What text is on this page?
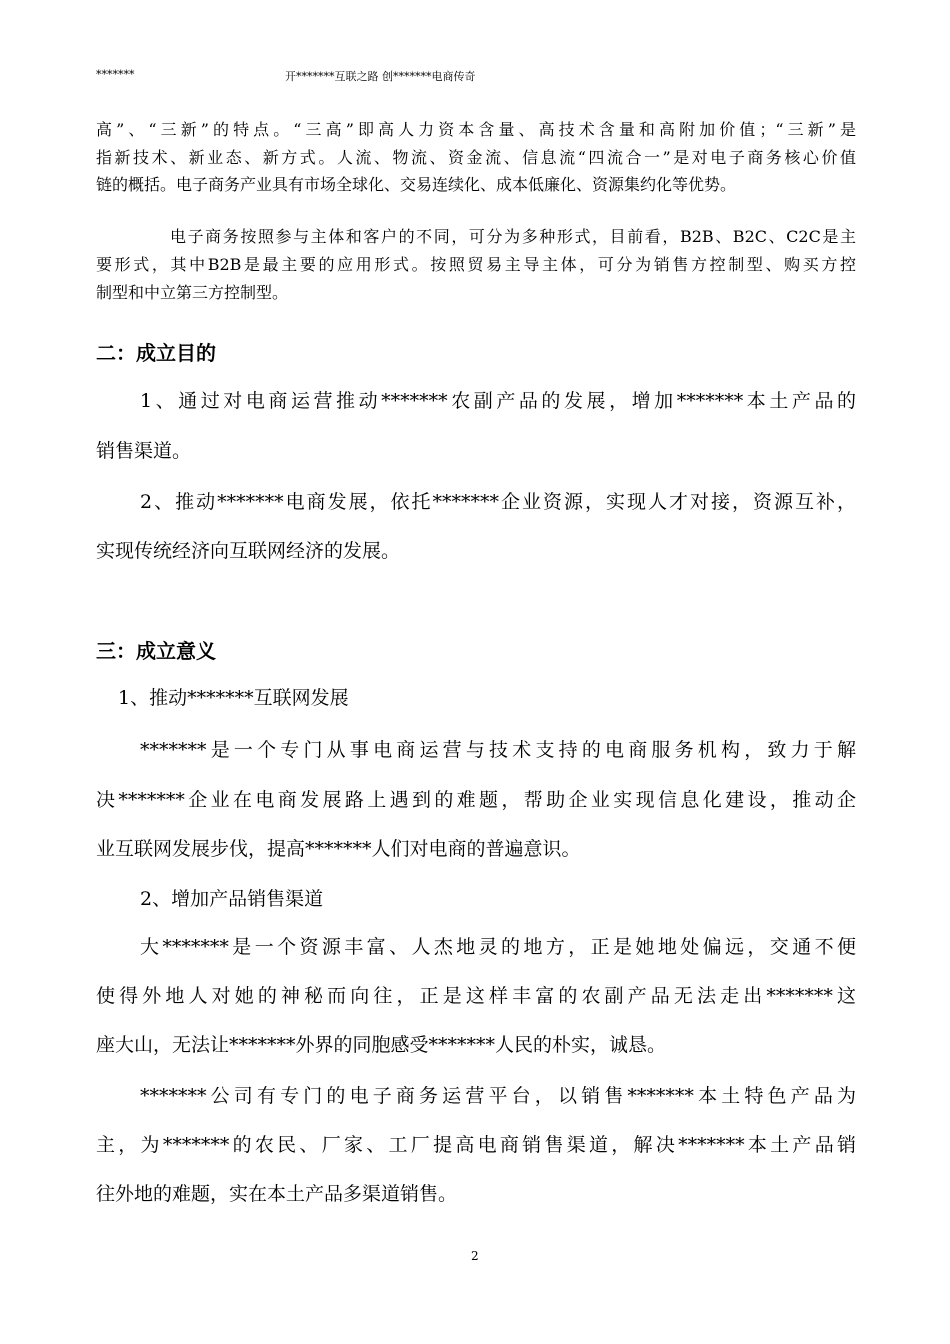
*******	开*******互联之路 创*******电商传奇
高”、“三新”的特点。“三高”即高人力资本含量、高技术含量和高附加价值；“三新”是
指新技术、新业态、新方式。人流、物流、资金流、信息流“四流合一”是对电子商务核心价值
链的概括。电子商务产业具有市场全球化、交易连续化、成本低廉化、资源集约化等优势。
电子商务按照参与主体和客户的不同，可分为多种形式，目前看，B2B、B2C、C2C是主
要形式，其中B2B是最主要的应用形式。按照贸易主导主体，可分为销售方控制型、购买方控
制型和中立第三方控制型。
二：成立目的
1、通过对电商运营推动*******农副产品的发展，增加*******本土产品的
销售渠道。
2、推动*******电商发展，依托*******企业资源，实现人才对接，资源互补，
实现传统经济向互联网经济的发展。
三：成立意义
1、推动*******互联网发展
*******是一个专门从事电商运营与技术支持的电商服务机构，致力于解
决*******企业在电商发展路上遇到的难题，帮助企业实现信息化建设，推动企
业互联网发展步伐，提高*******人们对电商的普遍意识。
2、增加产品销售渠道
大*******是一个资源丰富、人杰地灵的地方，正是她地处偏远，交通不便
使得外地人对她的神秘而向往，正是这样丰富的农副产品无法走出*******这
座大山，无法让*******外界的同胞感受*******人民的朴实，诚恳。
*******公司有专门的电子商务运营平台，以销售*******本土特色产品为
主，为*******的农民、厂家、工厂提高电商销售渠道，解决*******本土产品销
往外地的难题，实在本土产品多渠道销售。
2
